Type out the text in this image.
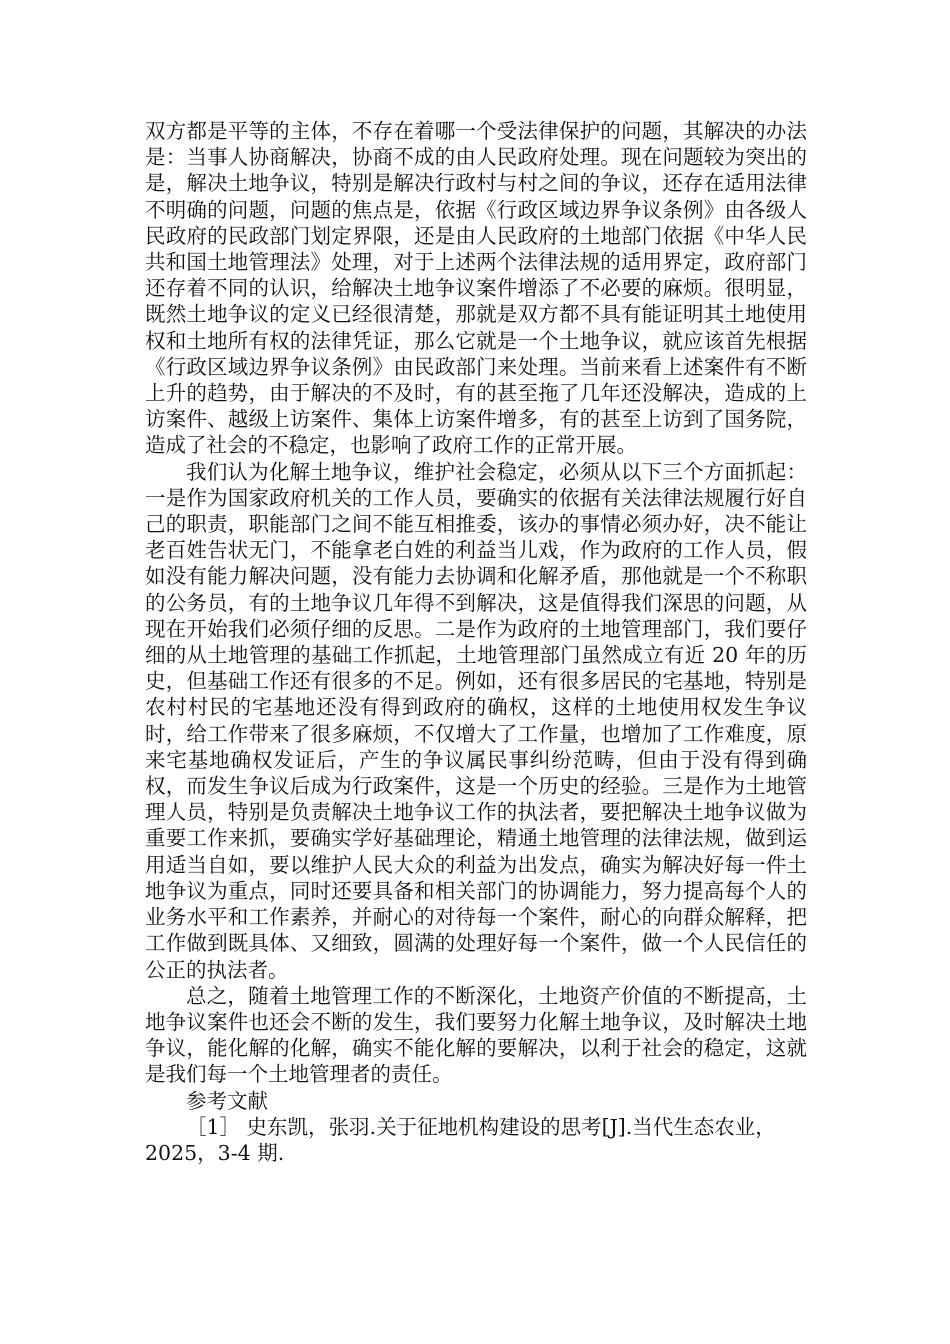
双方都是平等的主体，不存在着哪一个受法律保护的问题，其解决的办法是：当事人协商解决，协商不成的由人民政府处理。现在问题较为突出的是，解决土地争议，特别是解决行政村与村之间的争议，还存在适用法律不明确的问题，问题的焦点是，依据《行政区域边界争议条例》由各级人民政府的民政部门划定界限，还是由人民政府的土地部门依据《中华人民共和国土地管理法》处理，对于上述两个法律法规的适用界定，政府部门还存着不同的认识，给解决土地争议案件增添了不必要的麻烦。很明显，既然土地争议的定义已经很清楚，那就是双方都不具有能证明其土地使用权和土地所有权的法律凭证，那么它就是一个土地争议，就应该首先根据《行政区域边界争议条例》由民政部门来处理。当前来看上述案件有不断上升的趋势，由于解决的不及时，有的甚至拖了几年还没解决，造成的上访案件、越级上访案件、集体上访案件增多，有的甚至上访到了国务院，造成了社会的不稳定，也影响了政府工作的正常开展。

我们认为化解土地争议，维护社会稳定，必须从以下三个方面抓起：一是作为国家政府机关的工作人员，要确实的依据有关法律法规履行好自己的职责，职能部门之间不能互相推委，该办的事情必须办好，决不能让老百姓告状无门，不能拿老白姓的利益当儿戏，作为政府的工作人员，假如没有能力解决问题，没有能力去协调和化解矛盾，那他就是一个不称职的公务员，有的土地争议几年得不到解决，这是值得我们深思的问题，从现在开始我们必须仔细的反思。二是作为政府的土地管理部门，我们要仔细的从土地管理的基础工作抓起，土地管理部门虽然成立有近 20 年的历史，但基础工作还有很多的不足。例如，还有很多居民的宅基地，特别是农村村民的宅基地还没有得到政府的确权，这样的土地使用权发生争议时，给工作带来了很多麻烦，不仅增大了工作量，也增加了工作难度，原来宅基地确权发证后，产生的争议属民事纠纷范畴，但由于没有得到确权，而发生争议后成为行政案件，这是一个历史的经验。三是作为土地管理人员，特别是负责解决土地争议工作的执法者，要把解决土地争议做为重要工作来抓，要确实学好基础理论，精通土地管理的法律法规，做到运用适当自如，要以维护人民大众的利益为出发点，确实为解决好每一件土地争议为重点，同时还要具备和相关部门的协调能力，努力提高每个人的业务水平和工作素养，并耐心的对待每一个案件，耐心的向群众解释，把工作做到既具体、又细致，圆满的处理好每一个案件，做一个人民信任的公正的执法者。

总之，随着土地管理工作的不断深化，土地资产价值的不断提高，土地争议案件也还会不断的发生，我们要努力化解土地争议，及时解决土地争议，能化解的化解，确实不能化解的要解决，以利于社会的稳定，这就是我们每一个土地管理者的责任。

参考文献

［1］ 史东凯，张羽.关于征地机构建设的思考[J].当代生态农业，2025，3-4 期.
